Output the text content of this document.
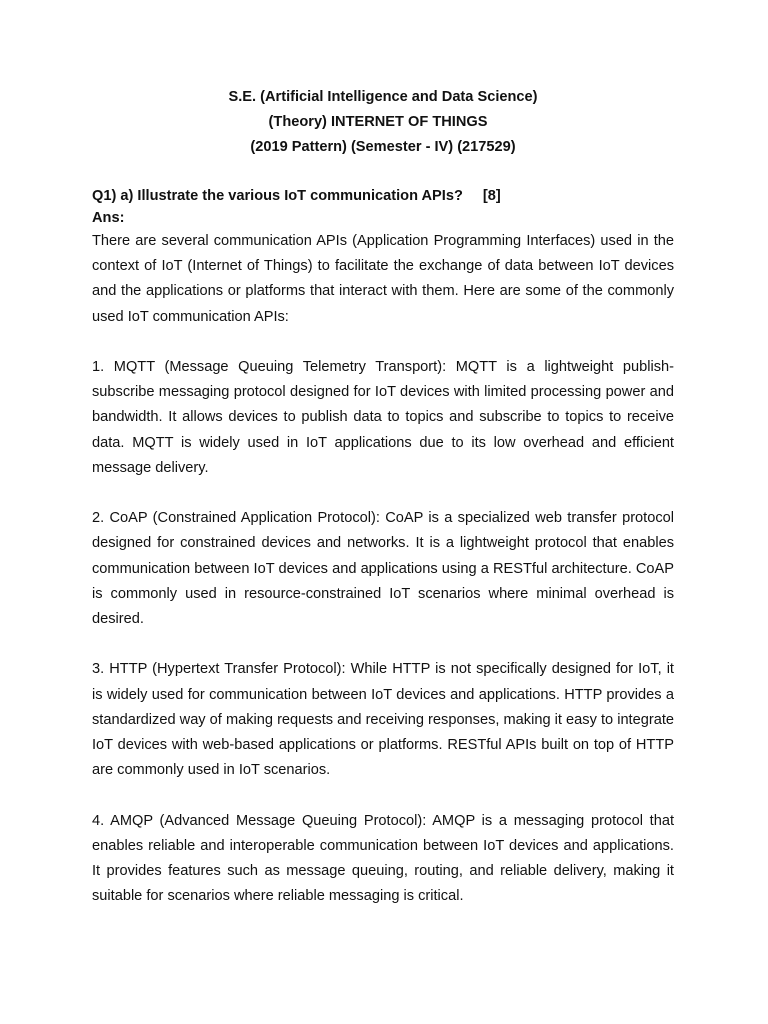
S.E. (Artificial Intelligence and Data Science)

(Theory) INTERNET OF THINGS

(2019 Pattern) (Semester - IV) (217529)

Q1) a) Illustrate the various IoT communication APIs? [8]

Ans:

There are several communication APIs (Application Programming Interfaces) used in the context of IoT (Internet of Things) to facilitate the exchange of data between IoT devices and the applications or platforms that interact with them. Here are some of the commonly used IoT communication APIs:

1. MQTT (Message Queuing Telemetry Transport): MQTT is a lightweight publish-subscribe messaging protocol designed for IoT devices with limited processing power and bandwidth. It allows devices to publish data to topics and subscribe to topics to receive data. MQTT is widely used in IoT applications due to its low overhead and efficient message delivery.

2. CoAP (Constrained Application Protocol): CoAP is a specialized web transfer protocol designed for constrained devices and networks. It is a lightweight protocol that enables communication between IoT devices and applications using a RESTful architecture. CoAP is commonly used in resource-constrained IoT scenarios where minimal overhead is desired.

3. HTTP (Hypertext Transfer Protocol): While HTTP is not specifically designed for IoT, it is widely used for communication between IoT devices and applications. HTTP provides a standardized way of making requests and receiving responses, making it easy to integrate IoT devices with web-based applications or platforms. RESTful APIs built on top of HTTP are commonly used in IoT scenarios.

4. AMQP (Advanced Message Queuing Protocol): AMQP is a messaging protocol that enables reliable and interoperable communication between IoT devices and applications. It provides features such as message queuing, routing, and reliable delivery, making it suitable for scenarios where reliable messaging is critical.
